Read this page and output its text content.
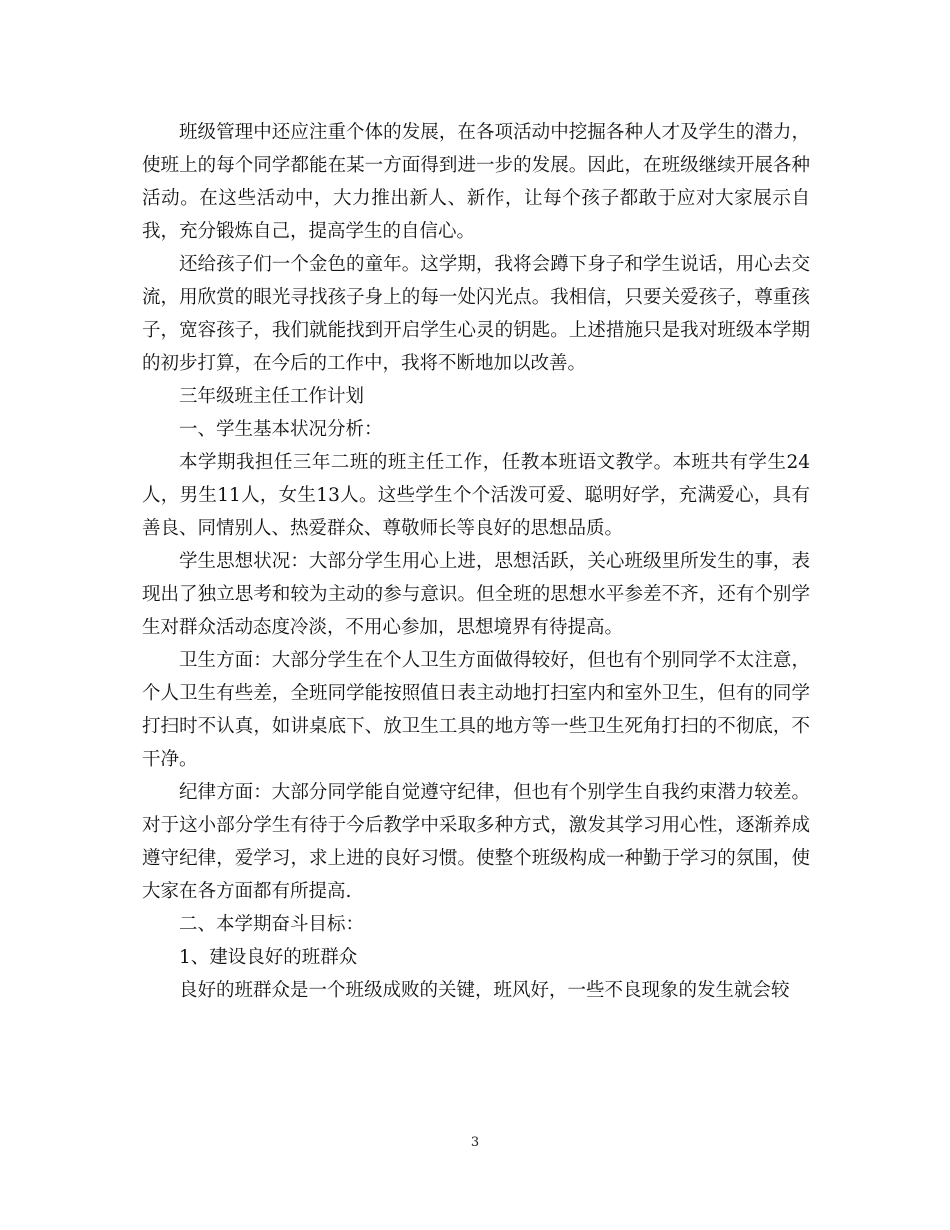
班级管理中还应注重个体的发展，在各项活动中挖掘各种人才及学生的潜力，使班上的每个同学都能在某一方面得到进一步的发展。因此，在班级继续开展各种活动。在这些活动中，大力推出新人、新作，让每个孩子都敢于应对大家展示自我，充分锻炼自己，提高学生的自信心。

还给孩子们一个金色的童年。这学期，我将会蹲下身子和学生说话，用心去交流，用欣赏的眼光寻找孩子身上的每一处闪光点。我相信，只要关爱孩子，尊重孩子，宽容孩子，我们就能找到开启学生心灵的钥匙。上述措施只是我对班级本学期的初步打算，在今后的工作中，我将不断地加以改善。

三年级班主任工作计划

一、学生基本状况分析：

本学期我担任三年二班的班主任工作，任教本班语文教学。本班共有学生24人，男生11人，女生13人。这些学生个个活泼可爱、聪明好学，充满爱心，具有善良、同情别人、热爱群众、尊敬师长等良好的思想品质。

学生思想状况：大部分学生用心上进，思想活跃，关心班级里所发生的事，表现出了独立思考和较为主动的参与意识。但全班的思想水平参差不齐，还有个别学生对群众活动态度冷淡，不用心参加，思想境界有待提高。

卫生方面：大部分学生在个人卫生方面做得较好，但也有个别同学不太注意，个人卫生有些差，全班同学能按照值日表主动地打扫室内和室外卫生，但有的同学打扫时不认真，如讲桌底下、放卫生工具的地方等一些卫生死角打扫的不彻底，不干净。

纪律方面：大部分同学能自觉遵守纪律，但也有个别学生自我约束潜力较差。对于这小部分学生有待于今后教学中采取多种方式，激发其学习用心性，逐渐养成遵守纪律，爱学习，求上进的良好习惯。使整个班级构成一种勤于学习的氛围，使大家在各方面都有所提高.

二、本学期奋斗目标：

1、建设良好的班群众

良好的班群众是一个班级成败的关键，班风好，一些不良现象的发生就会较

3
